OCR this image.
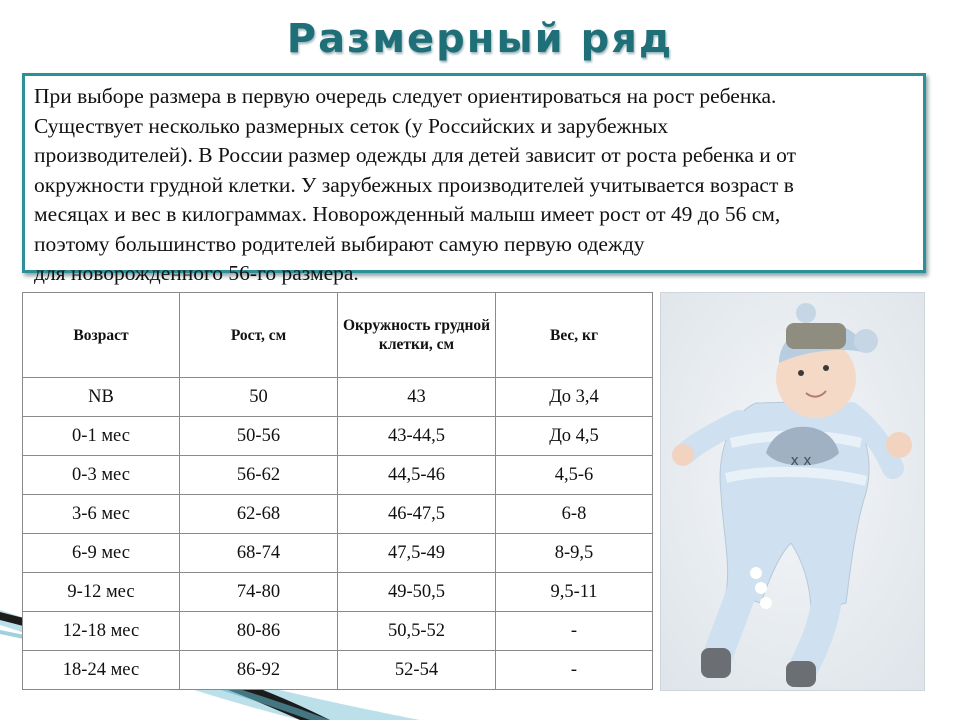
Размерный ряд
При выборе размера в первую очередь следует ориентироваться на рост ребенка.
Существует несколько размерных сеток (у Российских и зарубежных
производителей). В России размер одежды для детей зависит от роста ребенка и от
окружности грудной клетки. У зарубежных производителей учитывается возраст в
месяцах и вес в килограммах. Новорожденный малыш имеет рост от 49 до 56 см,
поэтому большинство родителей выбирают самую первую одежду
для новорожденного 56-го размера.
Возраст	Рост, см	Окружность грудной клетки, см	Вес, кг
NB	50	43	До 3,4
0-1 мес	50-56	43-44,5	До 4,5
0-3 мес	56-62	44,5-46	4,5-6
3-6 мес	62-68	46-47,5	6-8
6-9 мес	68-74	47,5-49	8-9,5
9-12 мес	74-80	49-50,5	9,5-11
12-18 мес	80-86	50,5-52	-
18-24 мес	86-92	52-54	-
x x
